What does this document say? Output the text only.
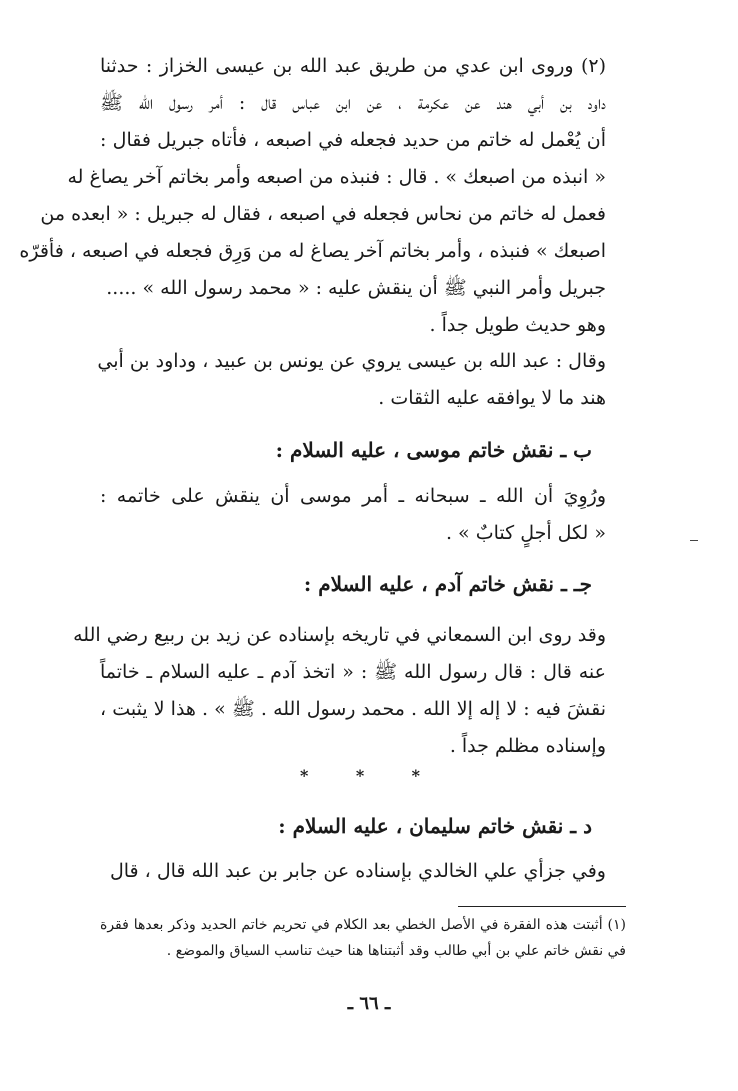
(٢) وروى ابن عدي من طريق عبد الله بن عيسى الخزاز : حدثنا
داود بن أبي هند عن عكرمة ، عن ابن عباس قال : أمر رسول الله ﷺ
أن يُعْمل له خاتم من حديد فجعله في اصبعه ، فأتاه جبريل فقال :
« انبذه من اصبعك » . قال : فنبذه من اصبعه وأمر بخاتم آخر يصاغ له
فعمل له خاتم من نحاس فجعله في اصبعه ، فقال له جبريل : « ابعده من
اصبعك » فنبذه ، وأمر بخاتم آخر يصاغ له من وَرِق فجعله في اصبعه ، فأقرّه
جبريل وأمر النبي ﷺ أن ينقش عليه : « محمد رسول الله » .....
وهو حديث طويل جداً .
وقال : عبد الله بن عيسى يروي عن يونس بن عبيد ، وداود بن أبي
هند ما لا يوافقه عليه الثقات .
ب ـ نقش خاتم موسى ، عليه السلام :
ورُوِيَ أن الله ـ سبحانه ـ أمر موسى أن ينقش على خاتمه :
« لكل أجلٍ كتابٌ » .
جـ ـ نقش خاتم آدم ، عليه السلام :
وقد روى ابن السمعاني في تاريخه بإسناده عن زيد بن ربيع رضي الله
عنه قال : قال رسول الله ﷺ : « اتخذ آدم ـ عليه السلام ـ خاتماً
نقشَ فيه : لا إله إلا الله . محمد رسول الله . ﷺ » . هذا لا يثبت ،
وإسناده مظلم جداً .
*	*	*
د ـ نقش خاتم سليمان ، عليه السلام :
وفي جزأي علي الخالدي بإسناده عن جابر بن عبد الله قال ، قال
(١) أثبتت هذه الفقرة في الأصل الخطي بعد الكلام في تحريم خاتم الحديد وذكر بعدها فقرة
في نقش خاتم علي بن أبي طالب وقد أثبتناها هنا حيث تناسب السياق والموضع .
ـ ٦٦ ـ
